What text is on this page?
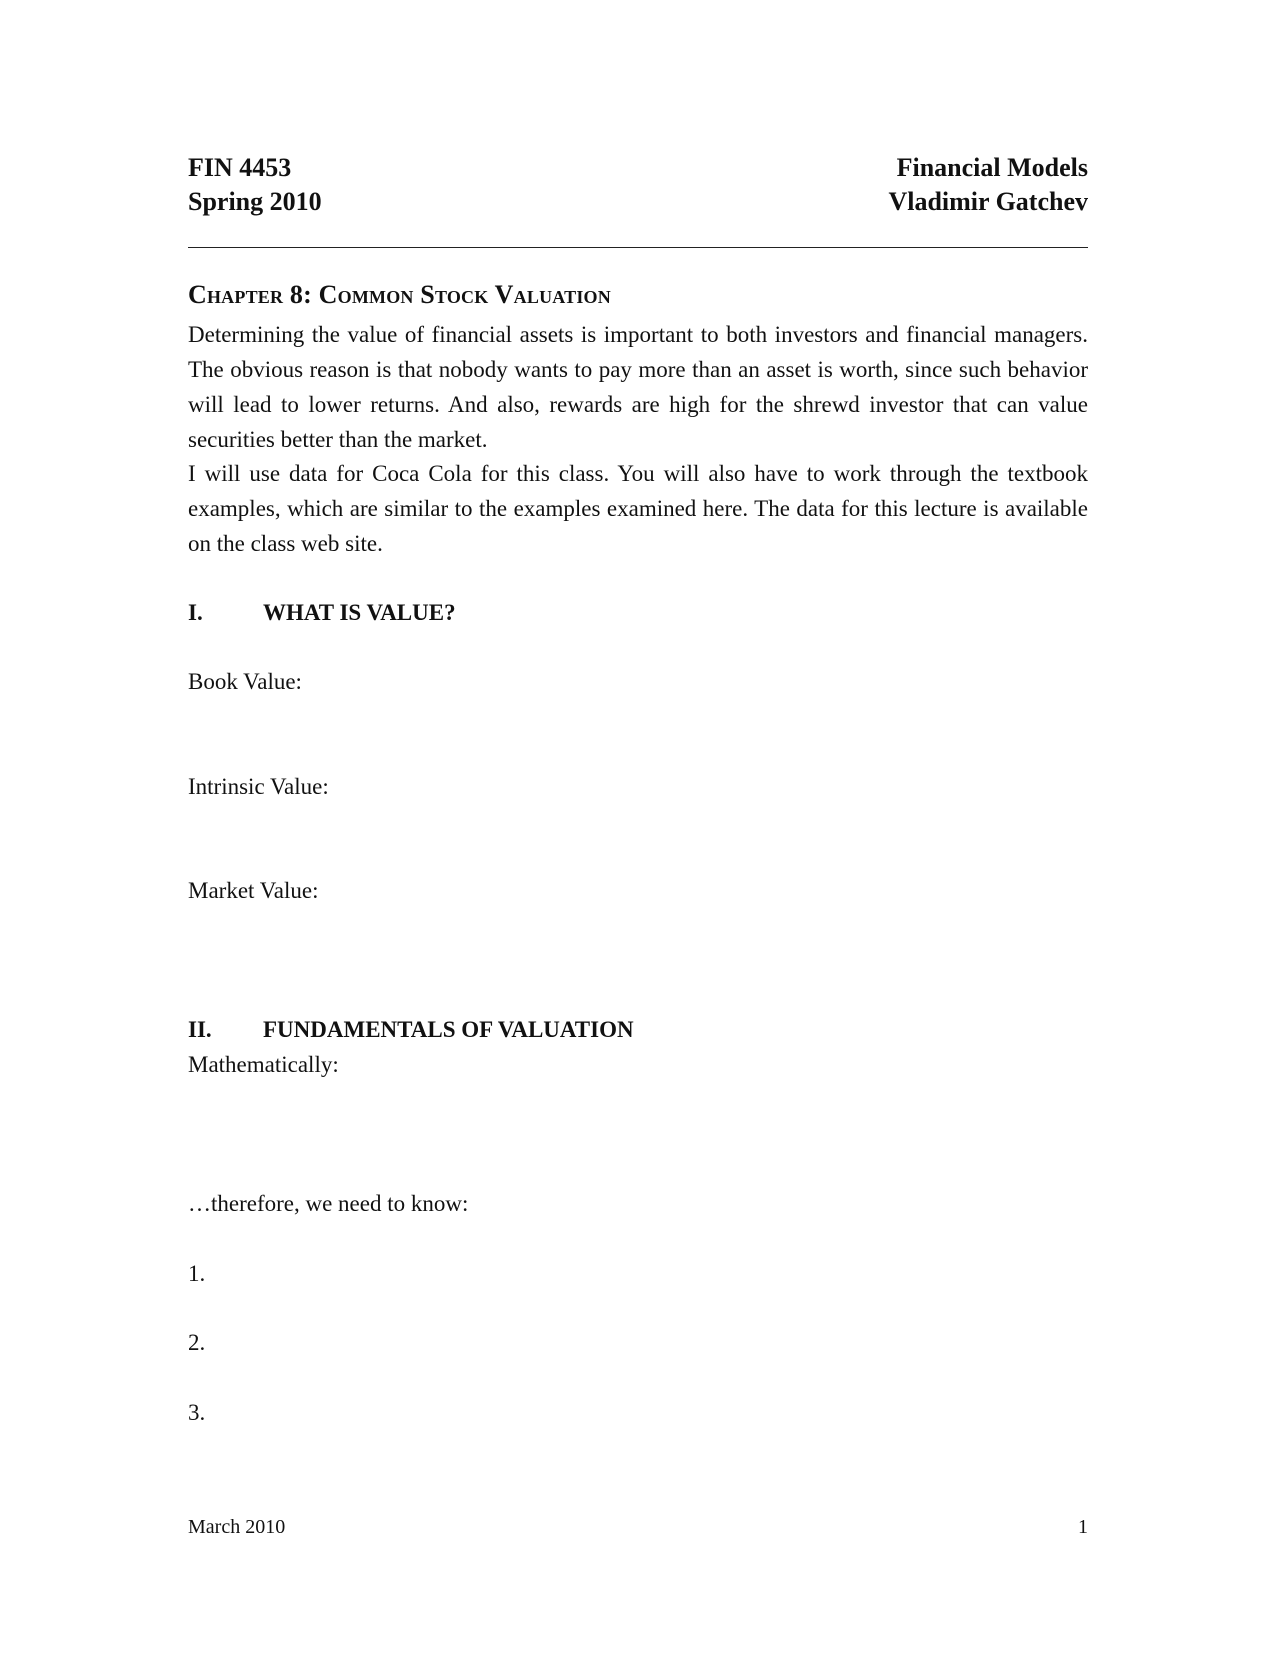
FIN 4453
Spring 2010
Financial Models
Vladimir Gatchev
Chapter 8: Common Stock Valuation
Determining the value of financial assets is important to both investors and financial managers. The obvious reason is that nobody wants to pay more than an asset is worth, since such behavior will lead to lower returns. And also, rewards are high for the shrewd investor that can value securities better than the market.
I will use data for Coca Cola for this class. You will also have to work through the textbook examples, which are similar to the examples examined here. The data for this lecture is available on the class web site.
I.	WHAT IS VALUE?
Book Value:
Intrinsic Value:
Market Value:
II. FUNDAMENTALS OF VALUATION
Mathematically:
…therefore, we need to know:
1.
2.
3.
March 2010	1
